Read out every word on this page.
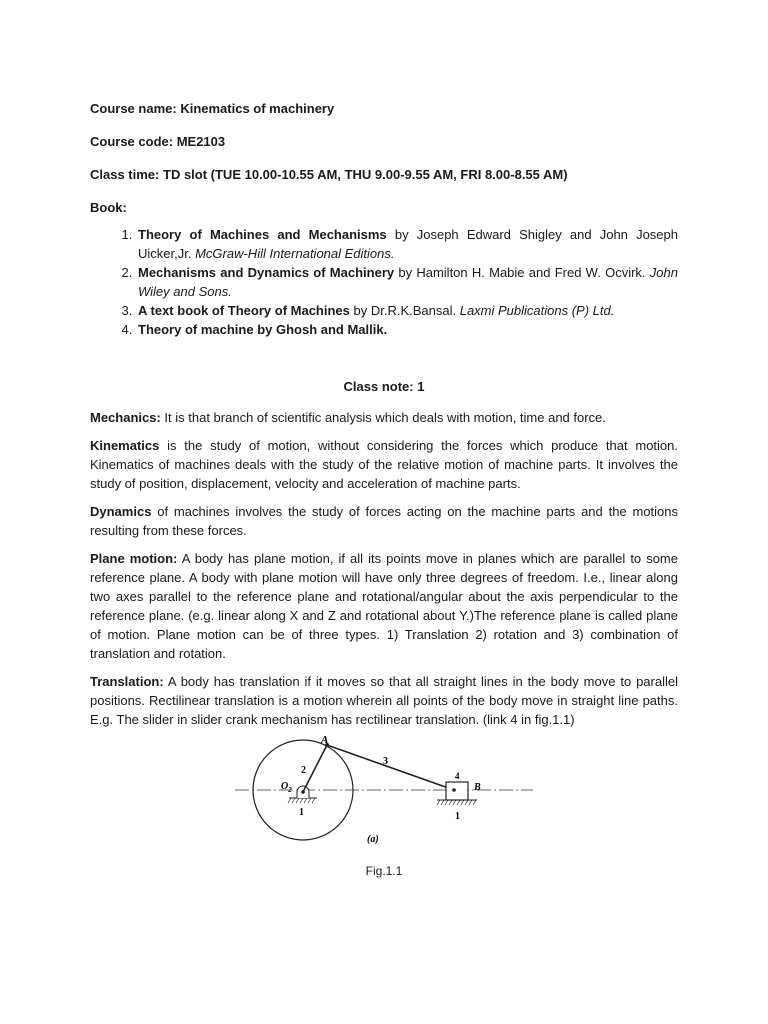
Course name: Kinematics of machinery

Course code: ME2103

Class time: TD slot (TUE 10.00-10.55 AM, THU 9.00-9.55 AM, FRI 8.00-8.55 AM)

Book:

1. Theory of Machines and Mechanisms by Joseph Edward Shigley and John Joseph Uicker,Jr. McGraw-Hill International Editions.
2. Mechanisms and Dynamics of Machinery by Hamilton H. Mabie and Fred W. Ocvirk. John Wiley and Sons.
3. A text book of Theory of Machines by Dr.R.K.Bansal. Laxmi Publications (P) Ltd.
4. Theory of machine by Ghosh and Mallik.

Class note: 1

Mechanics: It is that branch of scientific analysis which deals with motion, time and force.

Kinematics is the study of motion, without considering the forces which produce that motion. Kinematics of machines deals with the study of the relative motion of machine parts. It involves the study of position, displacement, velocity and acceleration of machine parts.

Dynamics of machines involves the study of forces acting on the machine parts and the motions resulting from these forces.

Plane motion: A body has plane motion, if all its points move in planes which are parallel to some reference plane. A body with plane motion will have only three degrees of freedom. I.e., linear along two axes parallel to the reference plane and rotational/angular about the axis perpendicular to the reference plane. (e.g. linear along X and Z and rotational about Y.)The reference plane is called plane of motion. Plane motion can be of three types. 1) Translation 2) rotation and 3) combination of translation and rotation.

Translation: A body has translation if it moves so that all straight lines in the body move to parallel positions. Rectilinear translation is a motion wherein all points of the body move in straight line paths. E.g. The slider in slider crank mechanism has rectilinear translation. (link 4 in fig.1.1)

A
B
$O_2$
2
3
4
1	1
(a)
Fig.1.1
